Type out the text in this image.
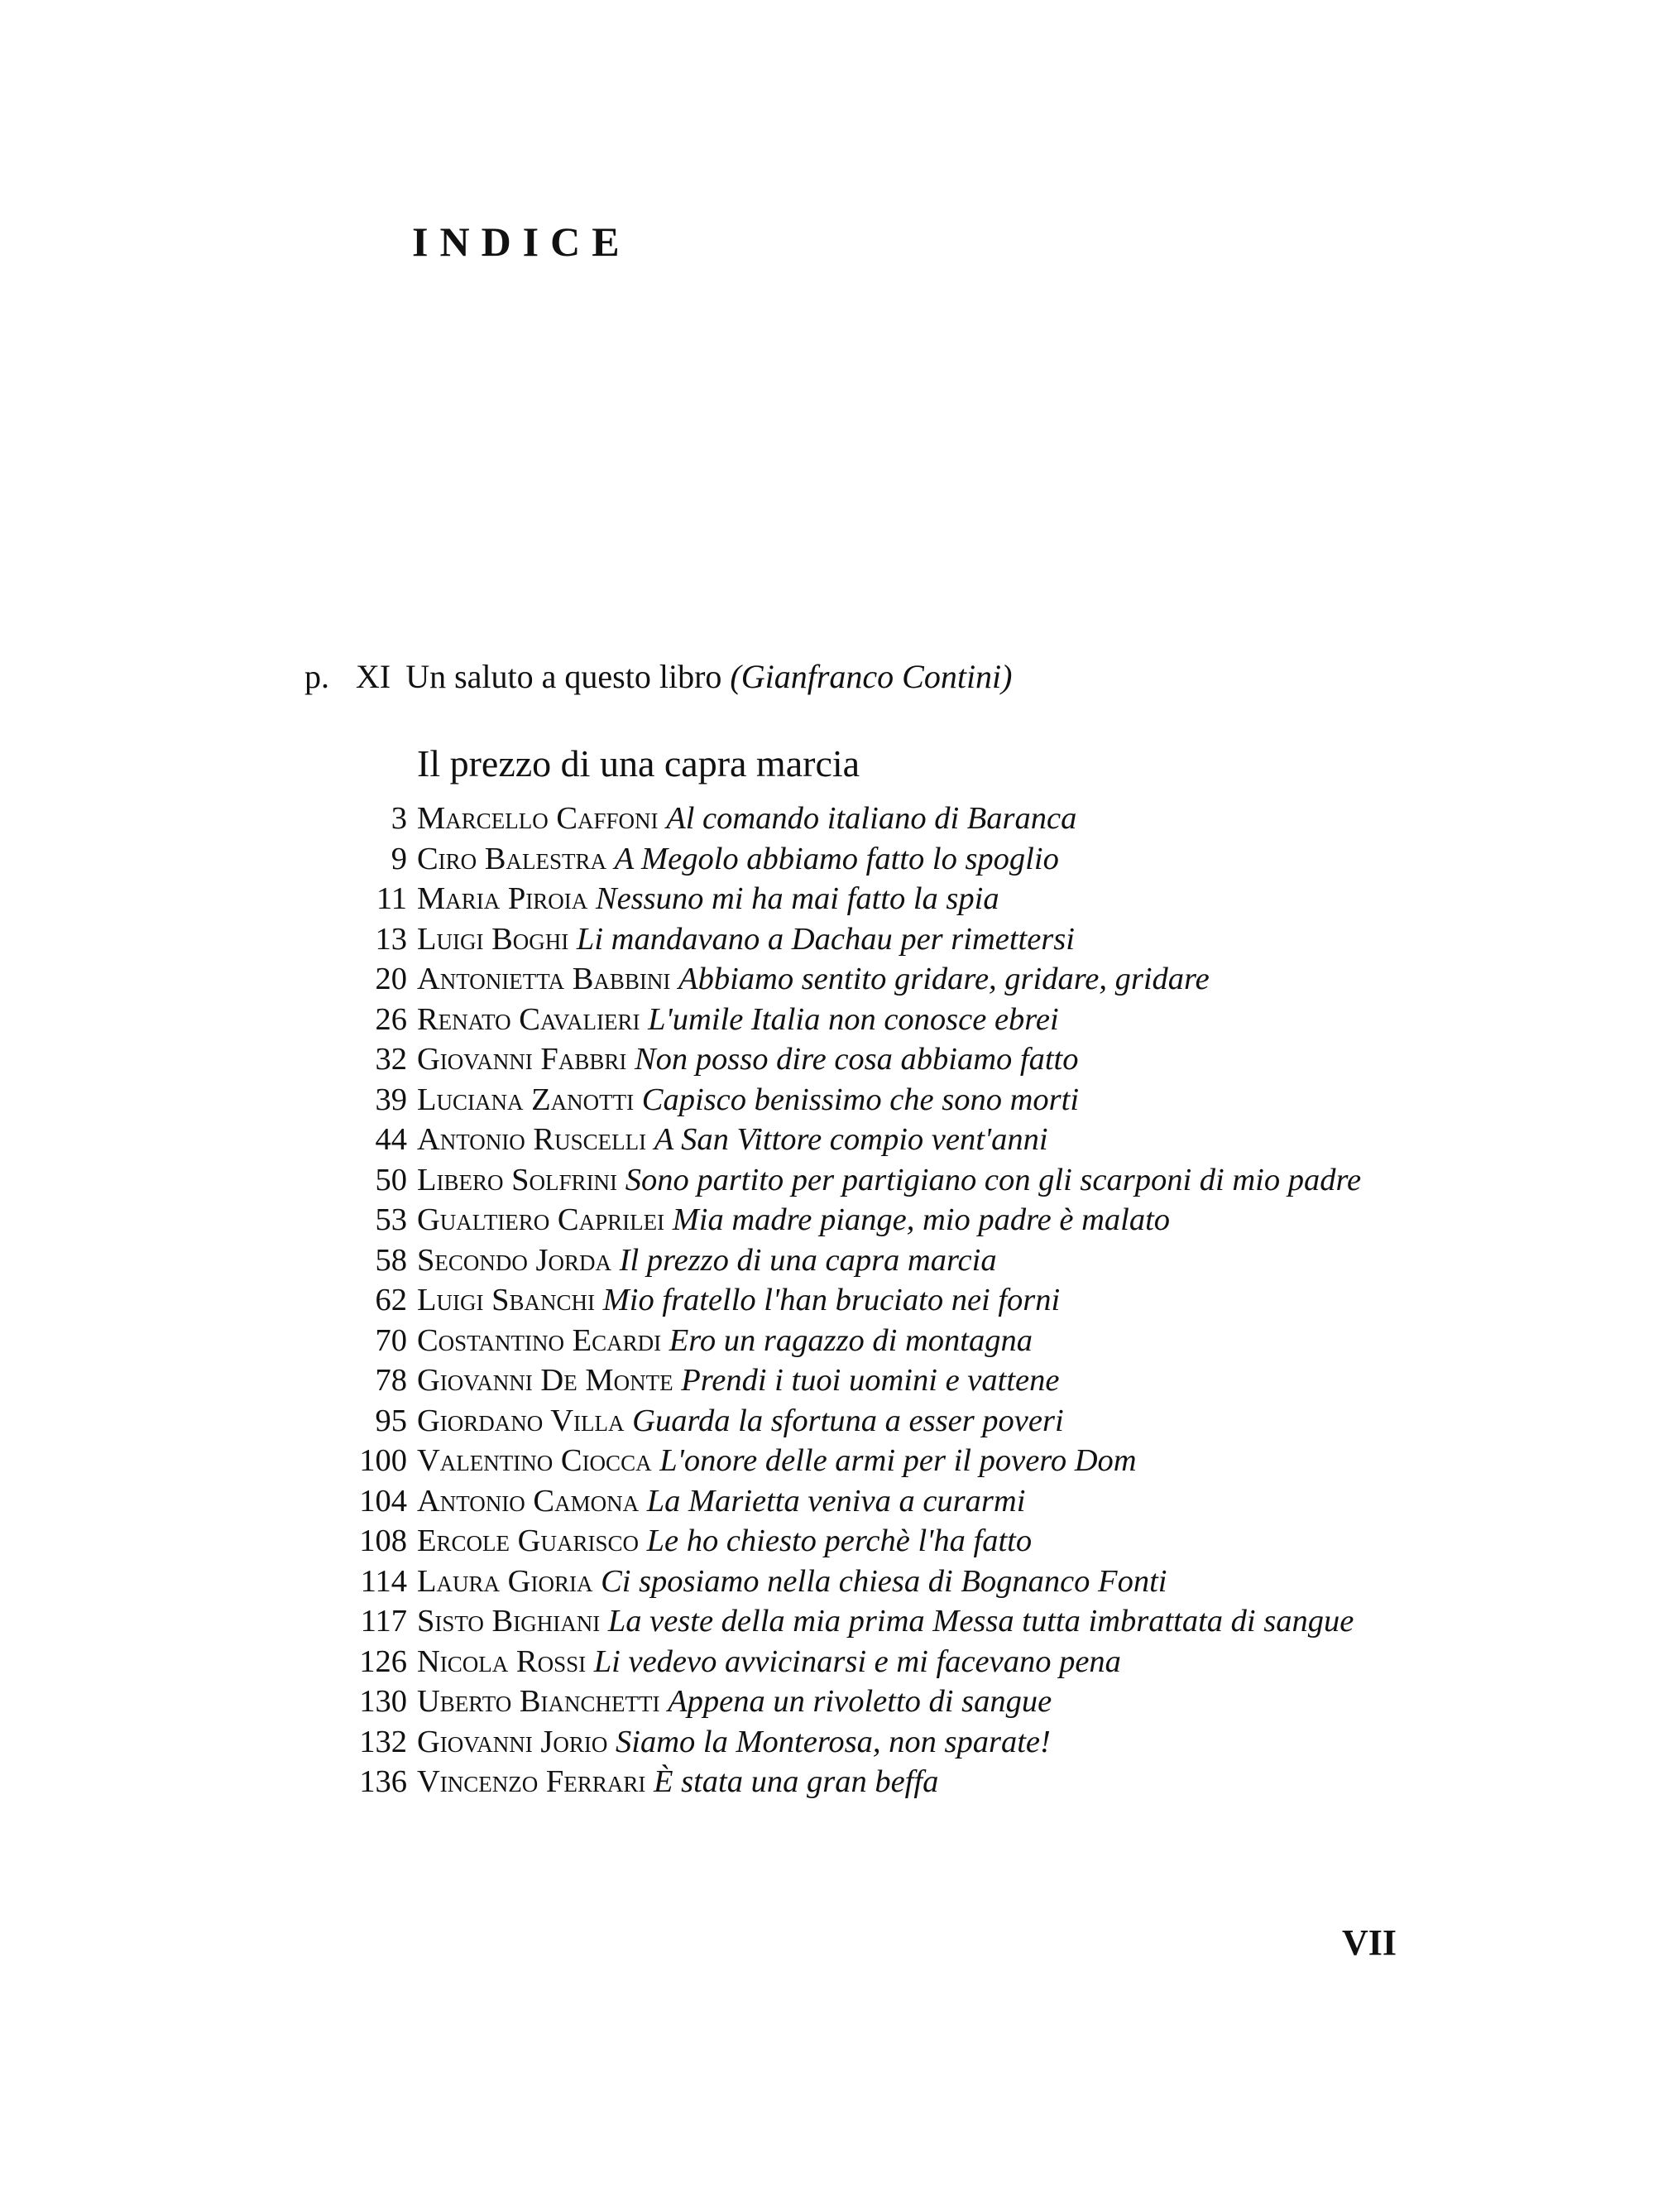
INDICE
p. XI Un saluto a questo libro (Gianfranco Contini)
Il prezzo di una capra marcia
3 Marcello Caffoni Al comando italiano di Baranca
9 Ciro Balestra A Megolo abbiamo fatto lo spoglio
11 Maria Piroia Nessuno mi ha mai fatto la spia
13 Luigi Boghi Li mandavano a Dachau per rimettersi
20 Antonietta Babbini Abbiamo sentito gridare, gridare, gridare
26 Renato Cavalieri L'umile Italia non conosce ebrei
32 Giovanni Fabbri Non posso dire cosa abbiamo fatto
39 Luciana Zanotti Capisco benissimo che sono morti
44 Antonio Ruscelli A San Vittore compio vent'anni
50 Libero Solfrini Sono partito per partigiano con gli scarponi di mio padre
53 Gualtiero Caprilei Mia madre piange, mio padre è malato
58 Secondo Jorda Il prezzo di una capra marcia
62 Luigi Sbanchi Mio fratello l'han bruciato nei forni
70 Costantino Ecardi Ero un ragazzo di montagna
78 Giovanni De Monte Prendi i tuoi uomini e vattene
95 Giordano Villa Guarda la sfortuna a esser poveri
100 Valentino Ciocca L'onore delle armi per il povero Dom
104 Antonio Camona La Marietta veniva a curarmi
108 Ercole Guarisco Le ho chiesto perchè l'ha fatto
114 Laura Gioria Ci sposiamo nella chiesa di Bognanco Fonti
117 Sisto Bighiani La veste della mia prima Messa tutta imbrattata di sangue
126 Nicola Rossi Li vedevo avvicinarsi e mi facevano pena
130 Uberto Bianchetti Appena un rivoletto di sangue
132 Giovanni Jorio Siamo la Monterosa, non sparate!
136 Vincenzo Ferrari È stata una gran beffa
VII
